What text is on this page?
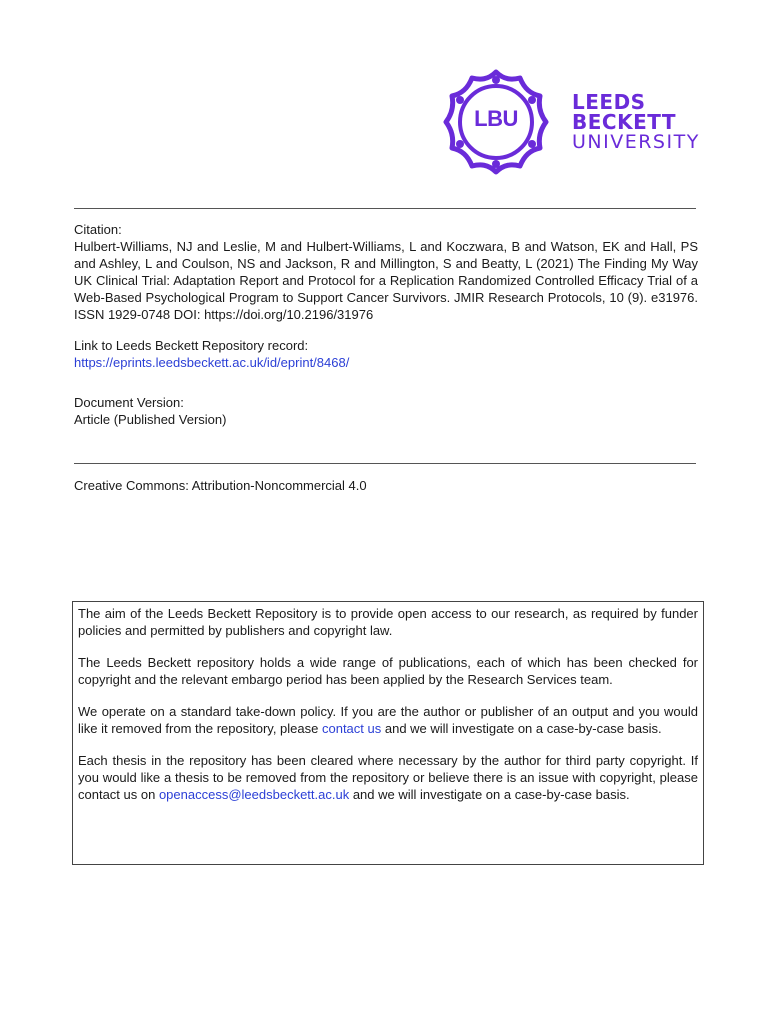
LBU
LEEDS
BECKETT
UNIVERSITY

Citation:

Hulbert-Williams, NJ and Leslie, M and Hulbert-Williams, L and Koczwara, B and Watson, EK and Hall, PS and Ashley, L and Coulson, NS and Jackson, R and Millington, S and Beatty, L (2021) The Finding My Way UK Clinical Trial: Adaptation Report and Protocol for a Replication Randomized Controlled Efficacy Trial of a Web-Based Psychological Program to Support Cancer Survivors. JMIR Research Protocols, 10 (9). e31976. ISSN 1929-0748 DOI: https://doi.org/10.2196/31976

Link to Leeds Beckett Repository record:

https://eprints.leedsbeckett.ac.uk/id/eprint/8468/

Document Version:

Article (Published Version)

Creative Commons: Attribution-Noncommercial 4.0

The aim of the Leeds Beckett Repository is to provide open access to our research, as required by funder policies and permitted by publishers and copyright law.

The Leeds Beckett repository holds a wide range of publications, each of which has been checked for copyright and the relevant embargo period has been applied by the Research Services team.

We operate on a standard take-down policy. If you are the author or publisher of an output and you would like it removed from the repository, please contact us and we will investigate on a case-by-case basis.

Each thesis in the repository has been cleared where necessary by the author for third party copyright. If you would like a thesis to be removed from the repository or believe there is an issue with copyright, please contact us on openaccess@leedsbeckett.ac.uk and we will investigate on a case-by-case basis.
